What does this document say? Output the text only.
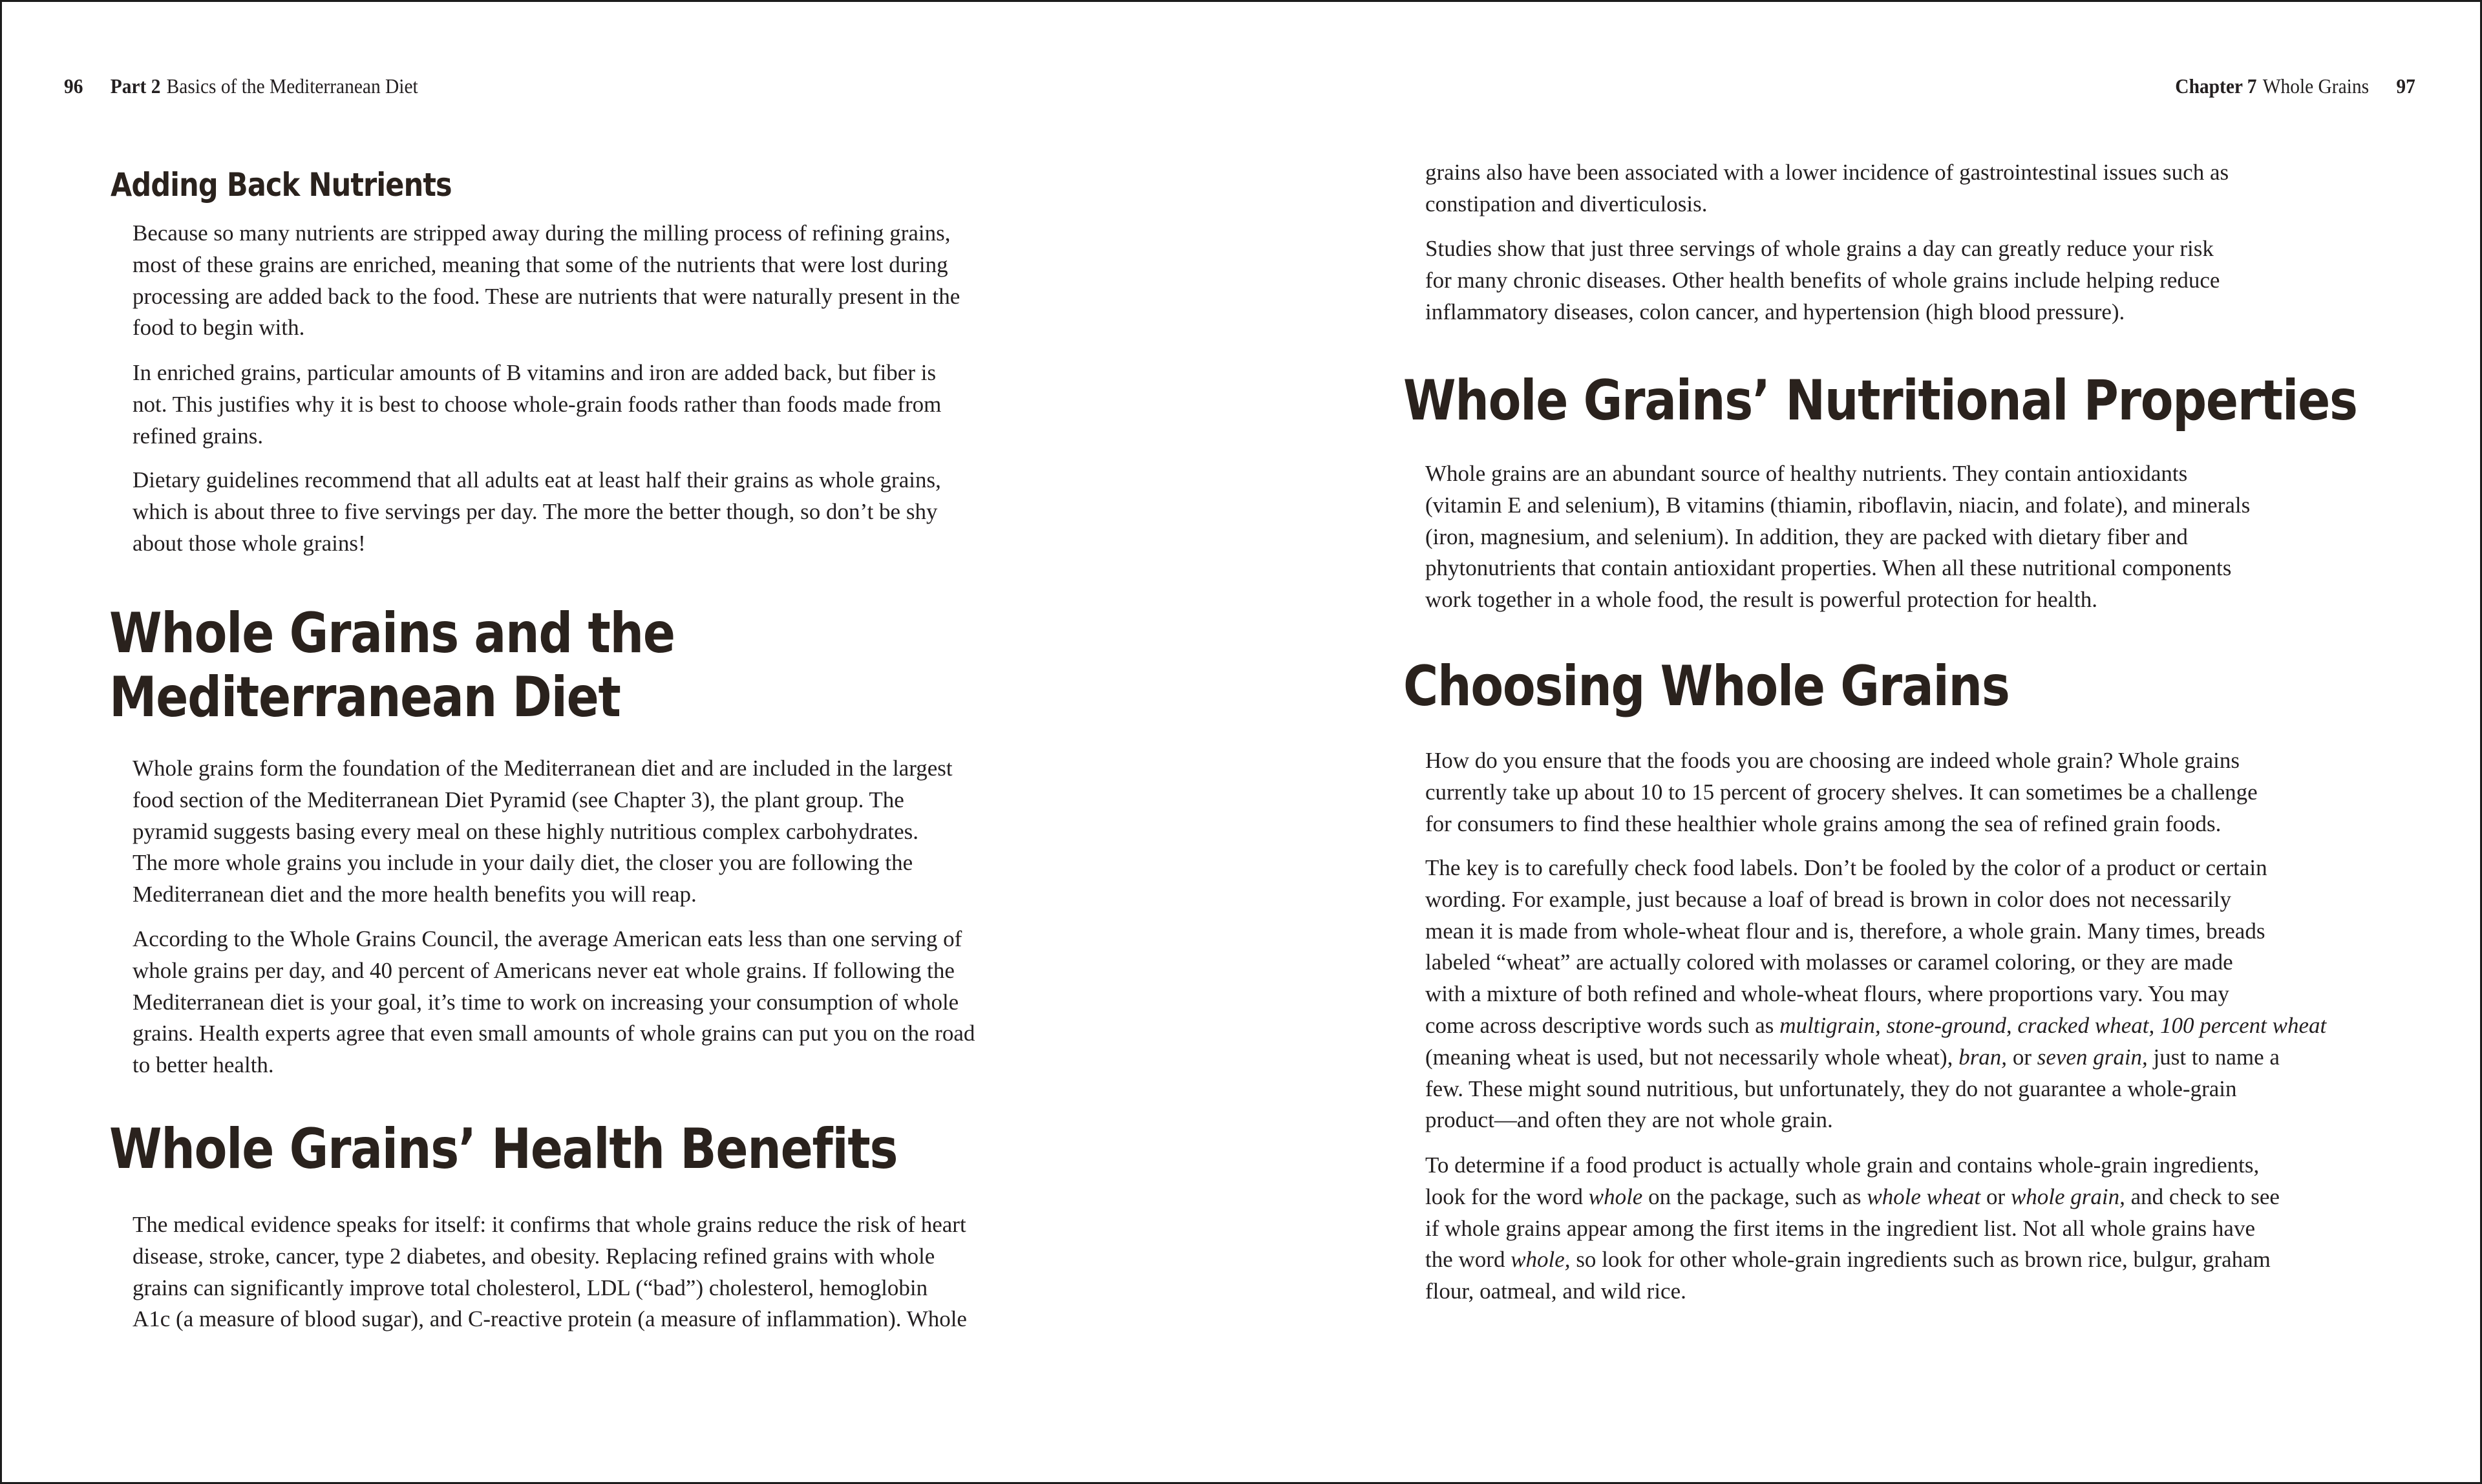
96 Part 2 Basics of the Mediterranean Diet
Adding Back Nutrients

Because so many nutrients are stripped away during the milling process of refining grains,
most of these grains are enriched, meaning that some of the nutrients that were lost during
processing are added back to the food. These are nutrients that were naturally present in the
food to begin with.

In enriched grains, particular amounts of B vitamins and iron are added back, but fiber is
not. This justifies why it is best to choose whole-grain foods rather than foods made from
refined grains.

Dietary guidelines recommend that all adults eat at least half their grains as whole grains,
which is about three to five servings per day. The more the better though, so don’t be shy
about those whole grains!

Whole Grains and the
Mediterranean Diet

Whole grains form the foundation of the Mediterranean diet and are included in the largest
food section of the Mediterranean Diet Pyramid (see Chapter 3), the plant group. The
pyramid suggests basing every meal on these highly nutritious complex carbohydrates.
The more whole grains you include in your daily diet, the closer you are following the
Mediterranean diet and the more health benefits you will reap.

According to the Whole Grains Council, the average American eats less than one serving of
whole grains per day, and 40 percent of Americans never eat whole grains. If following the
Mediterranean diet is your goal, it’s time to work on increasing your consumption of whole
grains. Health experts agree that even small amounts of whole grains can put you on the road
to better health.

Whole Grains’ Health Benefits

The medical evidence speaks for itself: it confirms that whole grains reduce the risk of heart
disease, stroke, cancer, type 2 diabetes, and obesity. Replacing refined grains with whole
grains can significantly improve total cholesterol, LDL (“bad”) cholesterol, hemoglobin
A1c (a measure of blood sugar), and C-reactive protein (a measure of inflammation). Whole

Chapter 7 Whole Grains 97

grains also have been associated with a lower incidence of gastrointestinal issues such as
constipation and diverticulosis.

Studies show that just three servings of whole grains a day can greatly reduce your risk
for many chronic diseases. Other health benefits of whole grains include helping reduce
inflammatory diseases, colon cancer, and hypertension (high blood pressure).

Whole Grains’ Nutritional Properties

Whole grains are an abundant source of healthy nutrients. They contain antioxidants
(vitamin E and selenium), B vitamins (thiamin, riboflavin, niacin, and folate), and minerals
(iron, magnesium, and selenium). In addition, they are packed with dietary fiber and
phytonutrients that contain antioxidant properties. When all these nutritional components
work together in a whole food, the result is powerful protection for health.

Choosing Whole Grains

How do you ensure that the foods you are choosing are indeed whole grain? Whole grains
currently take up about 10 to 15 percent of grocery shelves. It can sometimes be a challenge
for consumers to find these healthier whole grains among the sea of refined grain foods.

The key is to carefully check food labels. Don’t be fooled by the color of a product or certain
wording. For example, just because a loaf of bread is brown in color does not necessarily
mean it is made from whole-wheat flour and is, therefore, a whole grain. Many times, breads
labeled “wheat” are actually colored with molasses or caramel coloring, or they are made
with a mixture of both refined and whole-wheat flours, where proportions vary. You may
come across descriptive words such as multigrain, stone-ground, cracked wheat, 100 percent wheat
(meaning wheat is used, but not necessarily whole wheat), bran, or seven grain, just to name a
few. These might sound nutritious, but unfortunately, they do not guarantee a whole-grain
product—and often they are not whole grain.

To determine if a food product is actually whole grain and contains whole-grain ingredients,
look for the word whole on the package, such as whole wheat or whole grain, and check to see
if whole grains appear among the first items in the ingredient list. Not all whole grains have
the word whole, so look for other whole-grain ingredients such as brown rice, bulgur, graham
flour, oatmeal, and wild rice.
